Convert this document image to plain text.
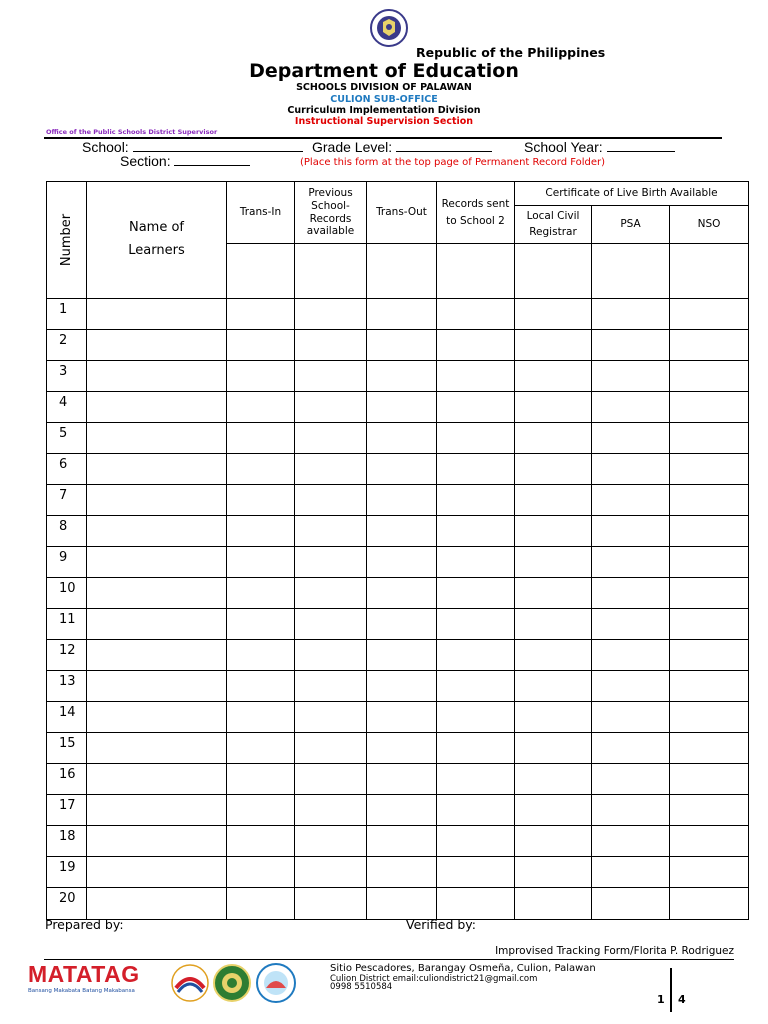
Republic of the Philippines
Department of Education
SCHOOLS DIVISION OF PALAWAN
CULION SUB-OFFICE
Curriculum Implementation Division
Instructional Supervision Section
Office of the Public Schools District Supervisor
School:	Grade Level:	School Year:
Section:	(Place this form at the top page of Permanent Record Folder)
Number	Name of Learners	Trans-In	Previous School-Records available	Trans-Out	Records sent to School 2	Certificate of Live Birth Available		
						Local Civil Registrar	PSA	NSO

1								
2								
3								
4								
5								
6								
7								
8								
9								
10								
11								
12								
13								
14								
15								
16								
17								
18								
19								
20								
Prepared by:	Verified by:
Improvised Tracking Form/Florita P. Rodriguez
MATATAG
Bansang Makabata Batang Makabansa
Sitio Pescadores, Barangay Osmeña, Culion, Palawan
Culion District email:culiondistrict21@gmail.com
0998 5510584
1 4
